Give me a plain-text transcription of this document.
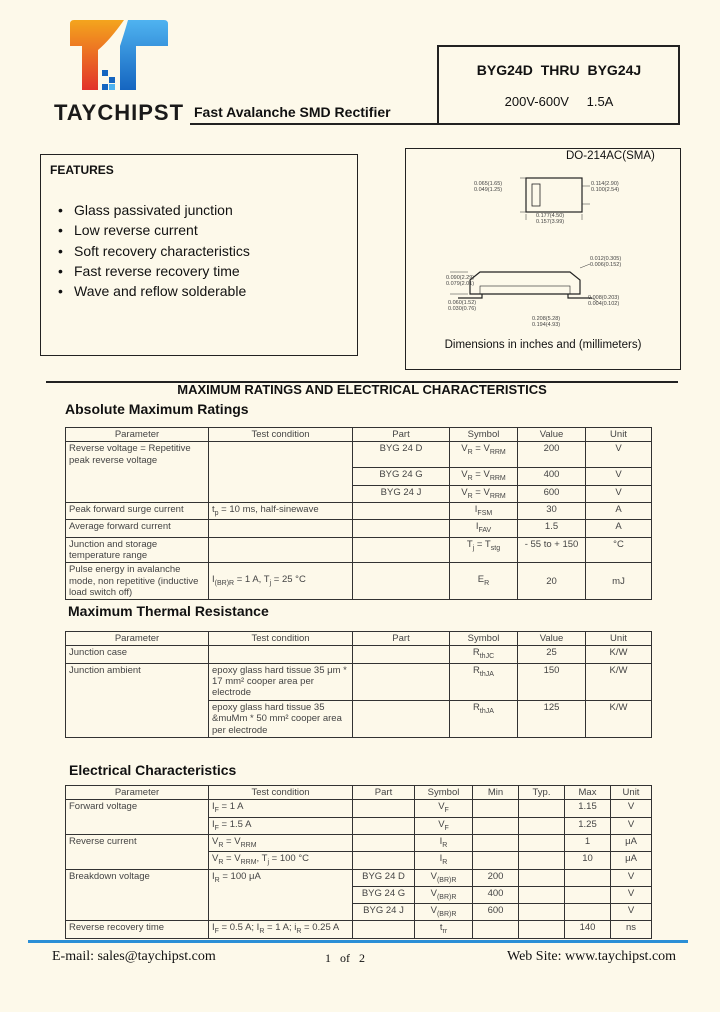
TAYCHIPST Fast Avalanche SMD Rectifier
BYG24D THRU BYG24J
200V-600V 1.5A
FEATURES
• Glass passivated junction
• Low reverse current
• Soft recovery characteristics
• Fast reverse recovery time
• Wave and reflow solderable
DO-214AC(SMA)
0.065(1.65)
0.049(1.25)
0.114(2.90)
0.100(2.54)
0.177(4.50)
0.157(3.99)
0.012(0.305)
0.006(0.152)
0.090(2.29)
0.079(2.01)
0.060(1.52)
0.030(0.76)
0.008(0.203)
0.004(0.102)
0.208(5.28)
0.194(4.93)
Dimensions in inches and (millimeters)
MAXIMUM RATINGS AND ELECTRICAL CHARACTERISTICS
Absolute Maximum Ratings
Parameter	Test condition	Part	Symbol	Value	Unit
Reverse voltage = Repetitive peak reverse voltage		BYG 24 D	$V_R = V_{RRM}$	200	V
		BYG 24 G	$V_R = V_{RRM}$	400	V
		BYG 24 J	$V_R = V_{RRM}$	600	V
Peak forward surge current	$t_p = 10$ ms, half-sinewave		$I_{FSM}$	30	A
Average forward current			$I_{FAV}$	1.5	A
Junction and storage temperature range			$T_j = T_{stg}$	- 55 to + 150	°C
Pulse energy in avalanche mode, non repetitive (inductive load switch off)	$I_{(BR)R} = 1$ A, $T_j = 25$ °C		$E_R$	20	mJ
Maximum Thermal Resistance
Parameter	Test condition	Part	Symbol	Value	Unit
Junction case			$R_{thJC}$	25	K/W
Junction ambient	epoxy glass hard tissue 35 μm * 17 mm² cooper area per electrode		$R_{thJA}$	150	K/W
	epoxy glass hard tissue 35 &muMm * 50 mm² cooper area per electrode		$R_{thJA}$	125	K/W
Electrical Characteristics
Parameter	Test condition	Part	Symbol	Min	Typ.	Max	Unit
Forward voltage	$I_F = 1$ A		$V_F$			1.15	V
	$I_F = 1.5$ A		$V_F$			1.25	V
Reverse current	$V_R = V_{RRM}$		$I_R$			1	μA
	$V_R = V_{RRM}$, $T_j = 100$ °C		$I_R$			10	μA
Breakdown voltage	$I_R = 100$ μA	BYG 24 D	$V_{(BR)R}$	200			V
		BYG 24 G	$V_{(BR)R}$	400			V
		BYG 24 J	$V_{(BR)R}$	600			V
Reverse recovery time	$I_F = 0.5$ A; $I_R = 1$ A; $i_R = 0.25$ A		$t_{rr}$			140	ns
E-mail: sales@taychipst.com	1 of 2	Web Site: www.taychipst.com
